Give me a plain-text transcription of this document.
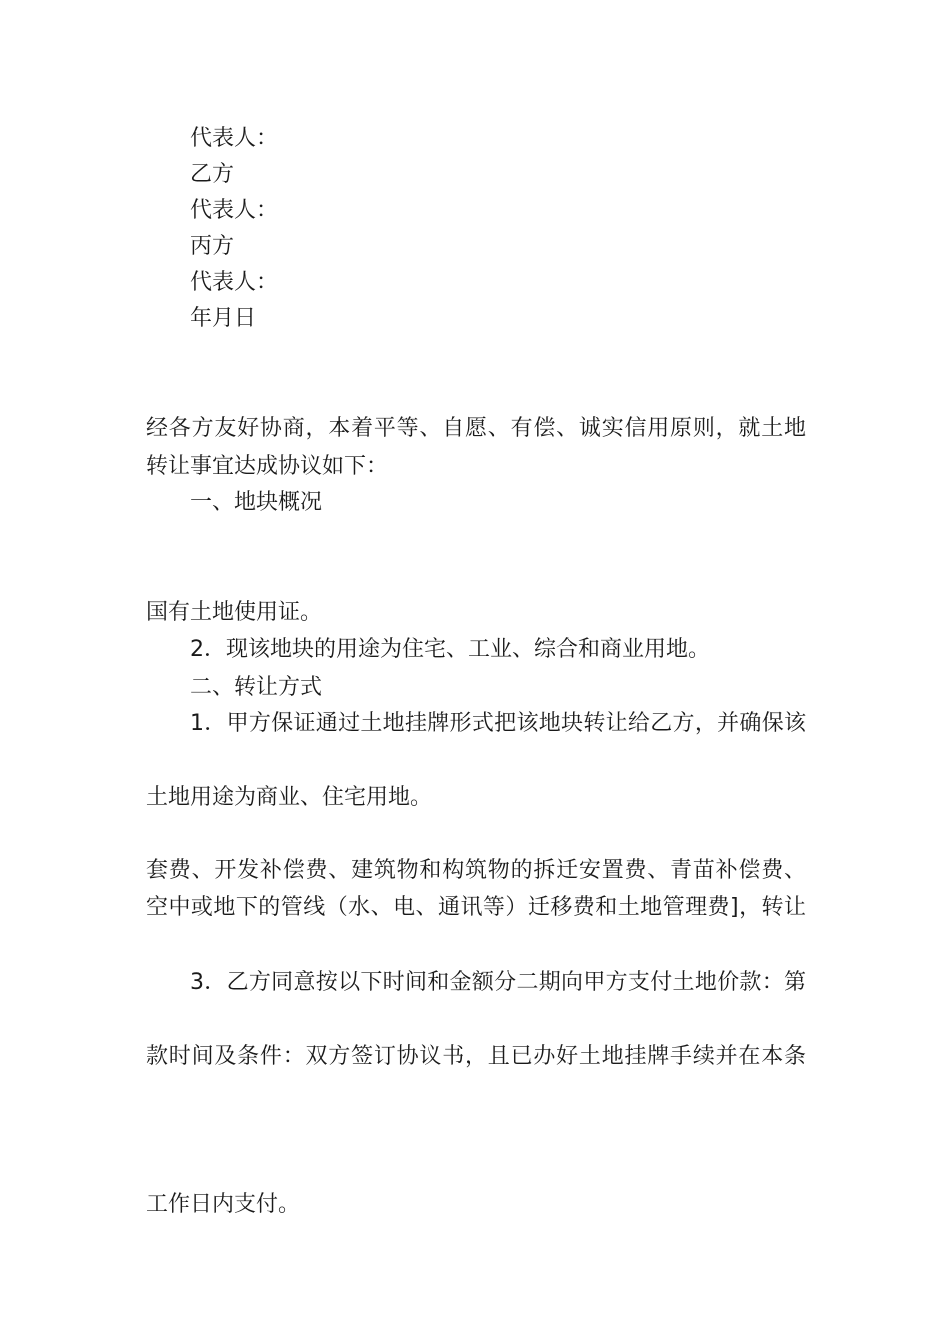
代表人：
乙方
代表人：
丙方
代表人：
年月日

经各方友好协商，本着平等、自愿、有偿、诚实信用原则，就土地
转让事宜达成协议如下：
一、地块概况

国有土地使用证。
2．现该地块的用途为住宅、工业、综合和商业用地。
二、转让方式
1．甲方保证通过土地挂牌形式把该地块转让给乙方，并确保该

土地用途为商业、住宅用地。

套费、开发补偿费、建筑物和构筑物的拆迁安置费、青苗补偿费、
空中或地下的管线（水、电、通讯等）迁移费和土地管理费]，转让

3．乙方同意按以下时间和金额分二期向甲方支付土地价款：第

款时间及条件：双方签订协议书，且已办好土地挂牌手续并在本条

工作日内支付。
